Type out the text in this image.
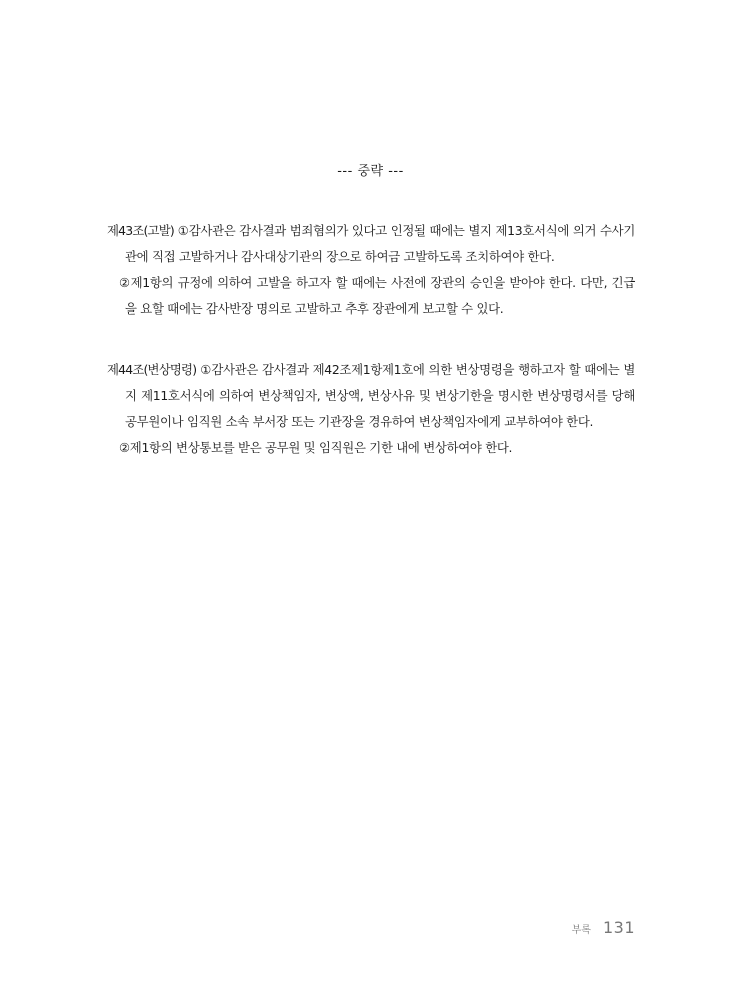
--- 중략 ---

제43조(고발) ①감사관은 감사결과 범죄혐의가 있다고 인정될 때에는 별지 제13호서식에 의거 수사기관에 직접 고발하거나 감사대상기관의 장으로 하여금 고발하도록 조치하여야 한다.

②제1항의 규정에 의하여 고발을 하고자 할 때에는 사전에 장관의 승인을 받아야 한다. 다만, 긴급을 요할 때에는 감사반장 명의로 고발하고 추후 장관에게 보고할 수 있다.

제44조(변상명령) ①감사관은 감사결과 제42조제1항제1호에 의한 변상명령을 행하고자 할 때에는 별지 제11호서식에 의하여 변상책임자, 변상액, 변상사유 및 변상기한을 명시한 변상명령서를 당해 공무원이나 임직원 소속 부서장 또는 기관장을 경유하여 변상책임자에게 교부하여야 한다.

②제1항의 변상통보를 받은 공무원 및 임직원은 기한 내에 변상하여야 한다.

부록 131
